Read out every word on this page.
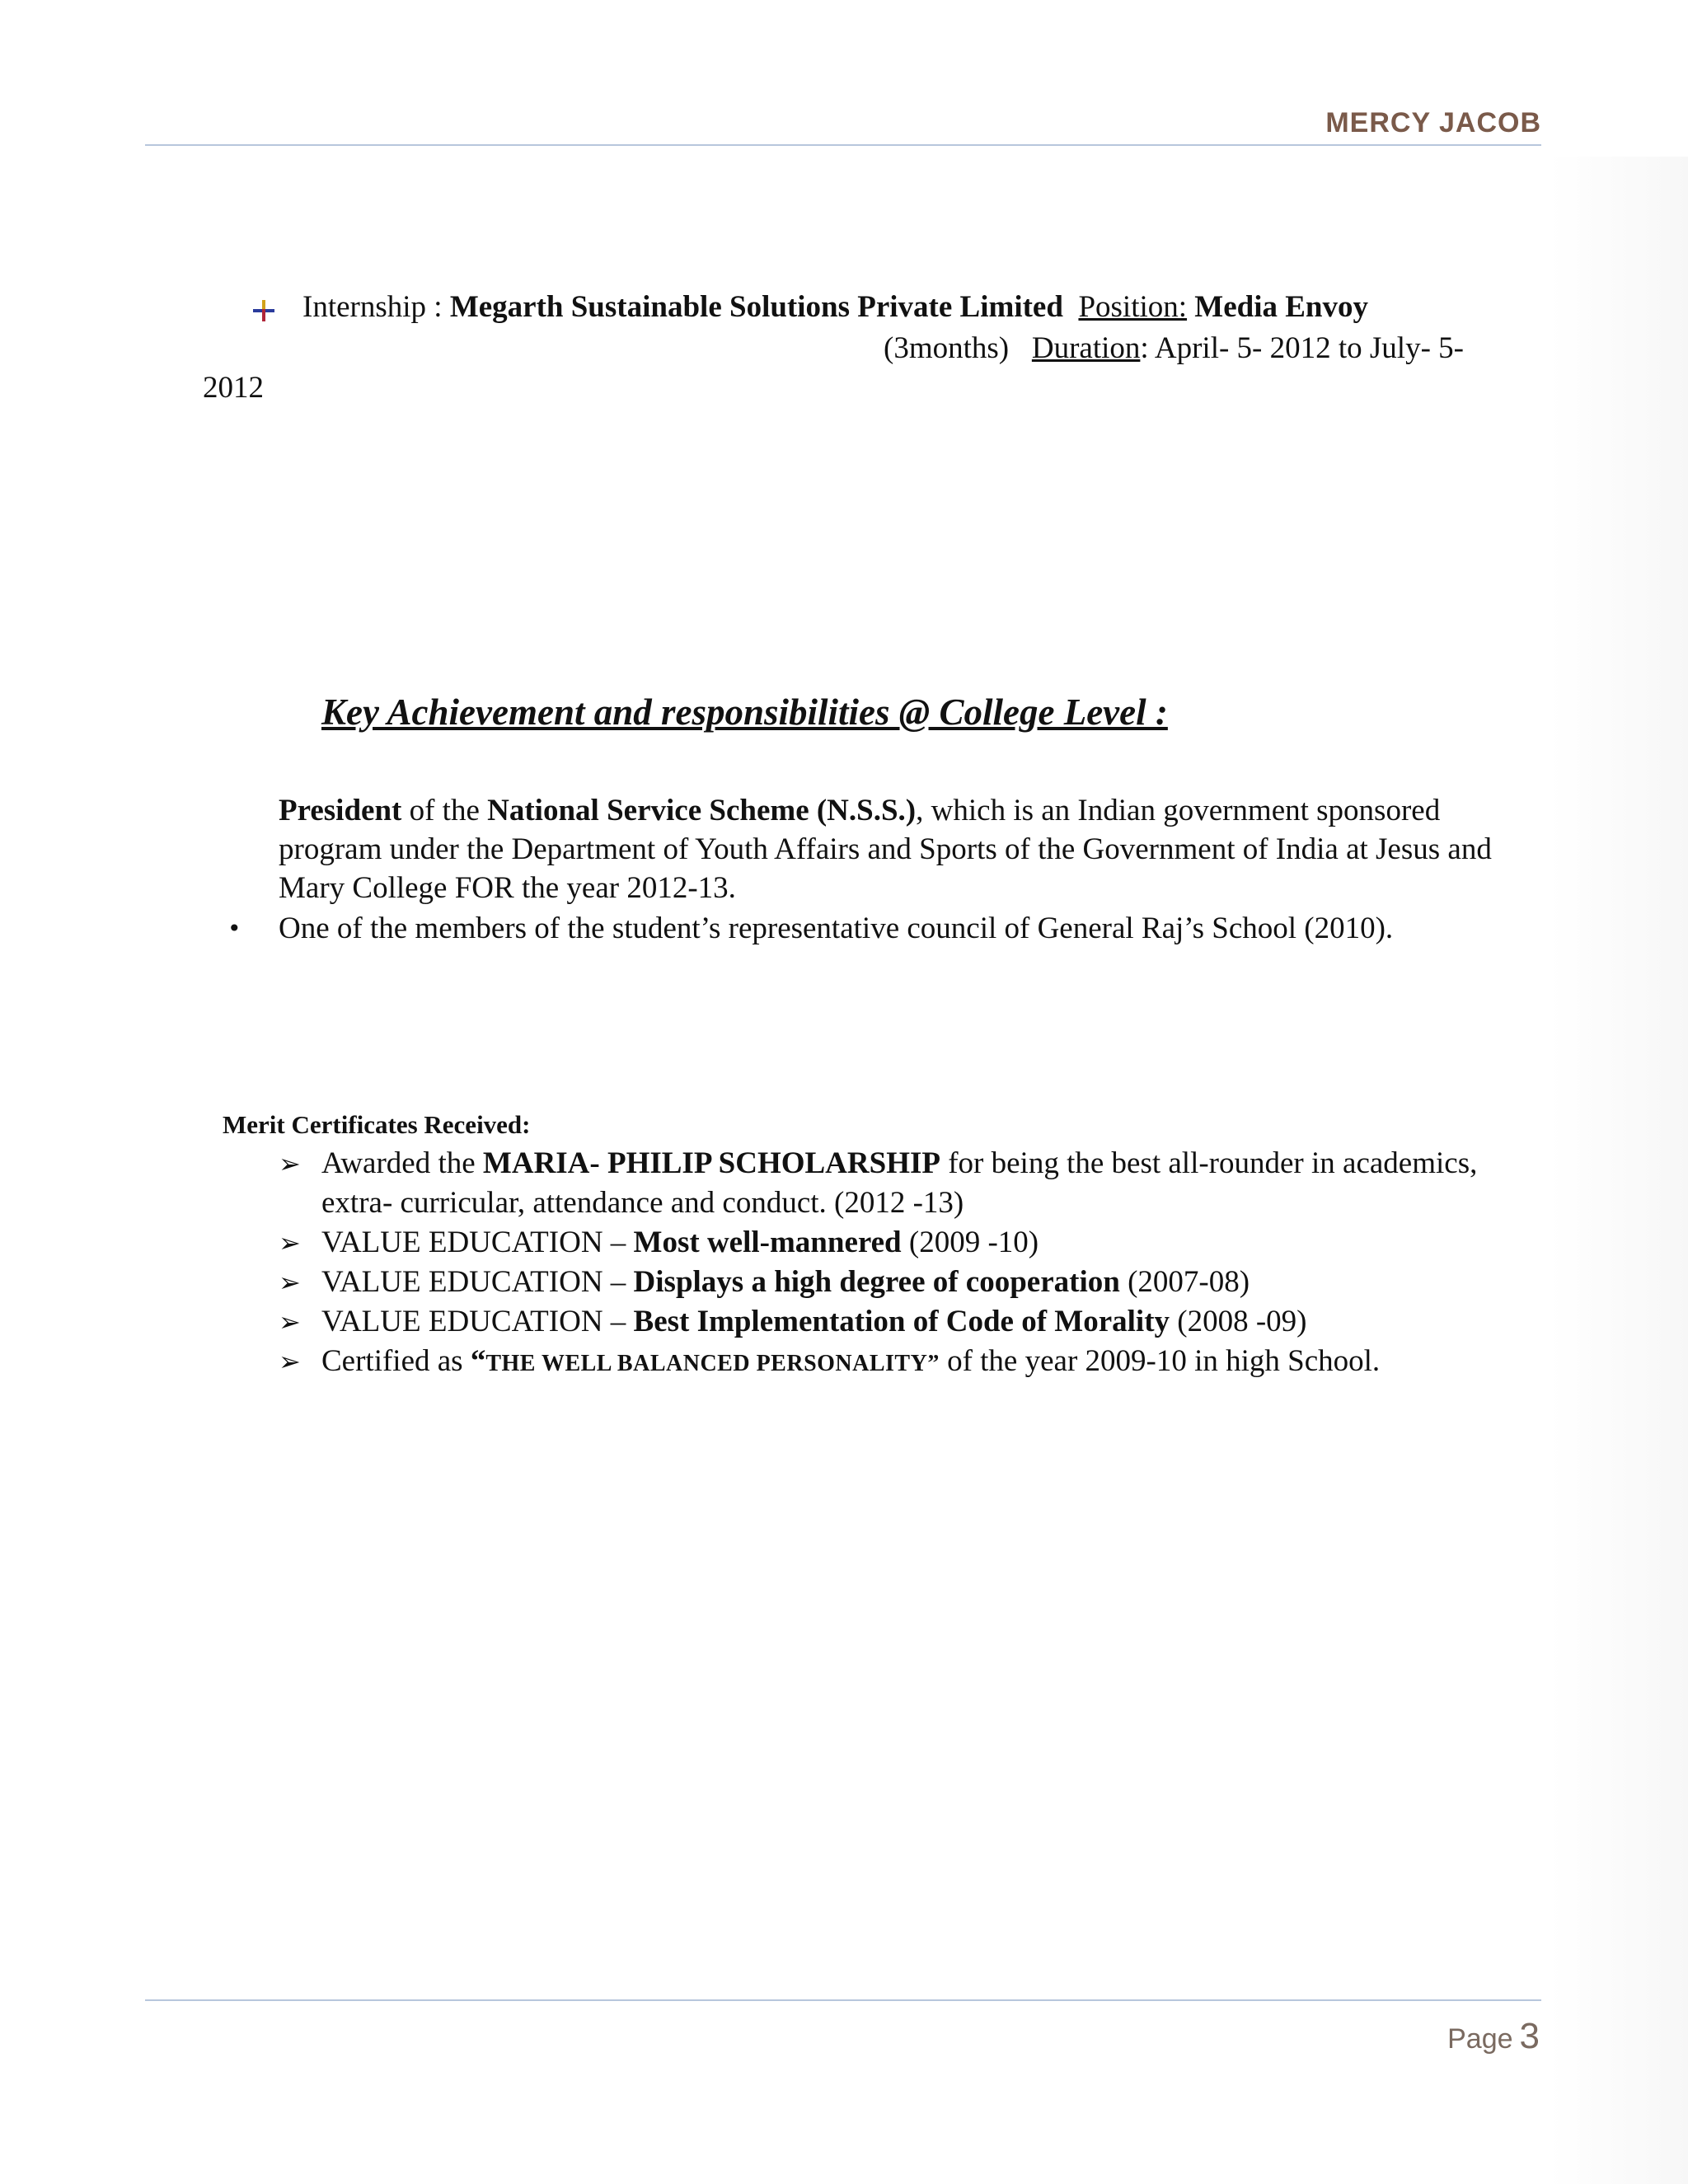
MERCY JACOB
Internship : Megarth Sustainable Solutions Private Limited Position: Media Envoy
(3months) Duration: April- 5- 2012 to July- 5-
2012
Key Achievement and responsibilities @ College Level :

President of the National Service Scheme (N.S.S.), which is an Indian government sponsored program under the Department of Youth Affairs and Sports of the Government of India at Jesus and Mary College FOR the year 2012-13.

• One of the members of the student’s representative council of General Raj’s School (2010).

Merit Certificates Received:
➢ Awarded the MARIA- PHILIP SCHOLARSHIP for being the best all-rounder in academics, extra- curricular, attendance and conduct. (2012 -13)
➢ VALUE EDUCATION – Most well-mannered (2009 -10)
➢ VALUE EDUCATION – Displays a high degree of cooperation (2007-08)
➢ VALUE EDUCATION – Best Implementation of Code of Morality (2008 -09)
➢ Certified as “THE WELL BALANCED PERSONALITY” of the year 2009-10 in high School.
Page 3
